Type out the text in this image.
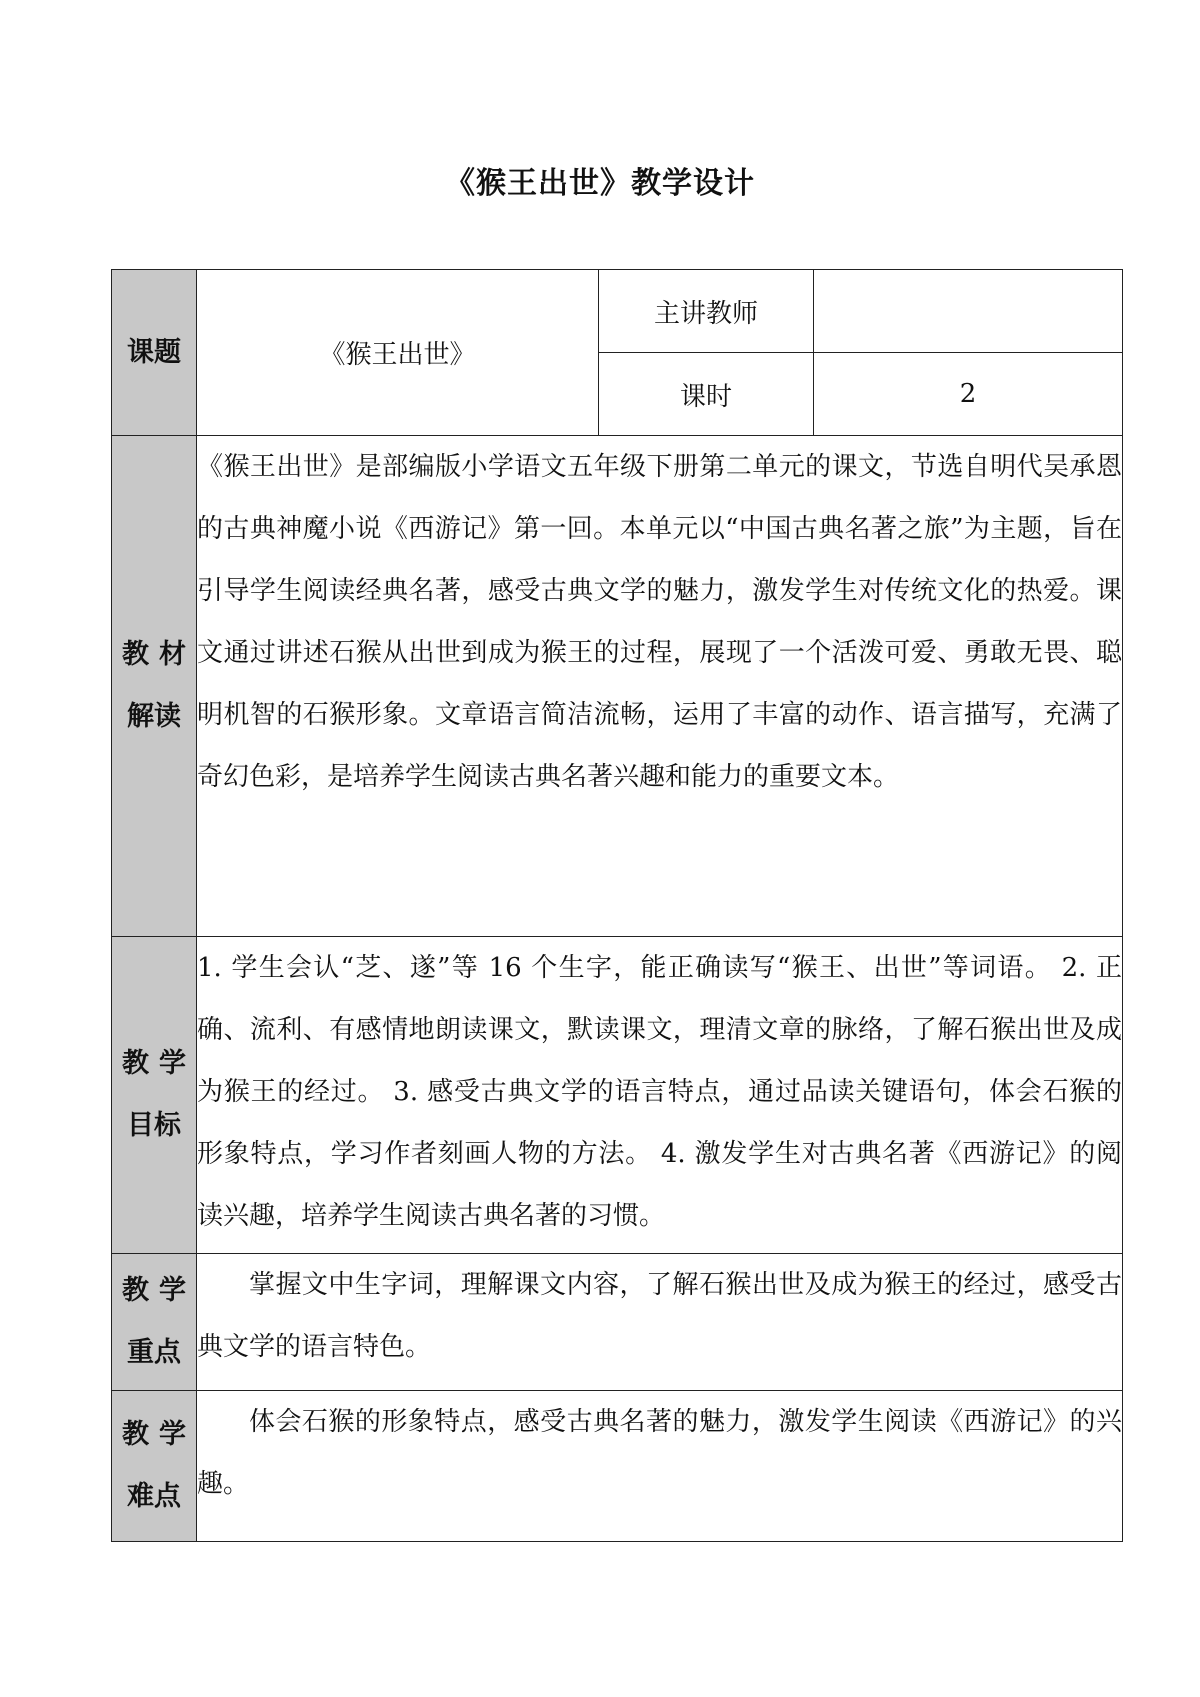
《猴王出世》教学设计
课题	《猴王出世》	主讲教师	
		课时	2

教材
解读	《猴王出世》是部编版小学语文五年级下册第二单元的课文，节选自明代吴承恩的古典神魔小说《西游记》第一回。本单元以“中国古典名著之旅”为主题，旨在引导学生阅读经典名著，感受古典文学的魅力，激发学生对传统文化的热爱。课文通过讲述石猴从出世到成为猴王的过程，展现了一个活泼可爱、勇敢无畏、聪明机智的石猴形象。文章语言简洁流畅，运用了丰富的动作、语言描写，充满了奇幻色彩，是培养学生阅读古典名著兴趣和能力的重要文本。		

教学
目标	1. 学生会认“芝、遂”等 16 个生字，能正确读写“猴王、出世”等词语。 2. 正确、流利、有感情地朗读课文，默读课文，理清文章的脉络，了解石猴出世及成为猴王的经过。 3. 感受古典文学的语言特点，通过品读关键语句，体会石猴的形象特点，学习作者刻画人物的方法。 4. 激发学生对古典名著《西游记》的阅读兴趣，培养学生阅读古典名著的习惯。		

教学
重点	掌握文中生字词，理解课文内容，了解石猴出世及成为猴王的经过，感受古典文学的语言特色。		

教学
难点	体会石猴的形象特点，感受古典名著的魅力，激发学生阅读《西游记》的兴趣。		
